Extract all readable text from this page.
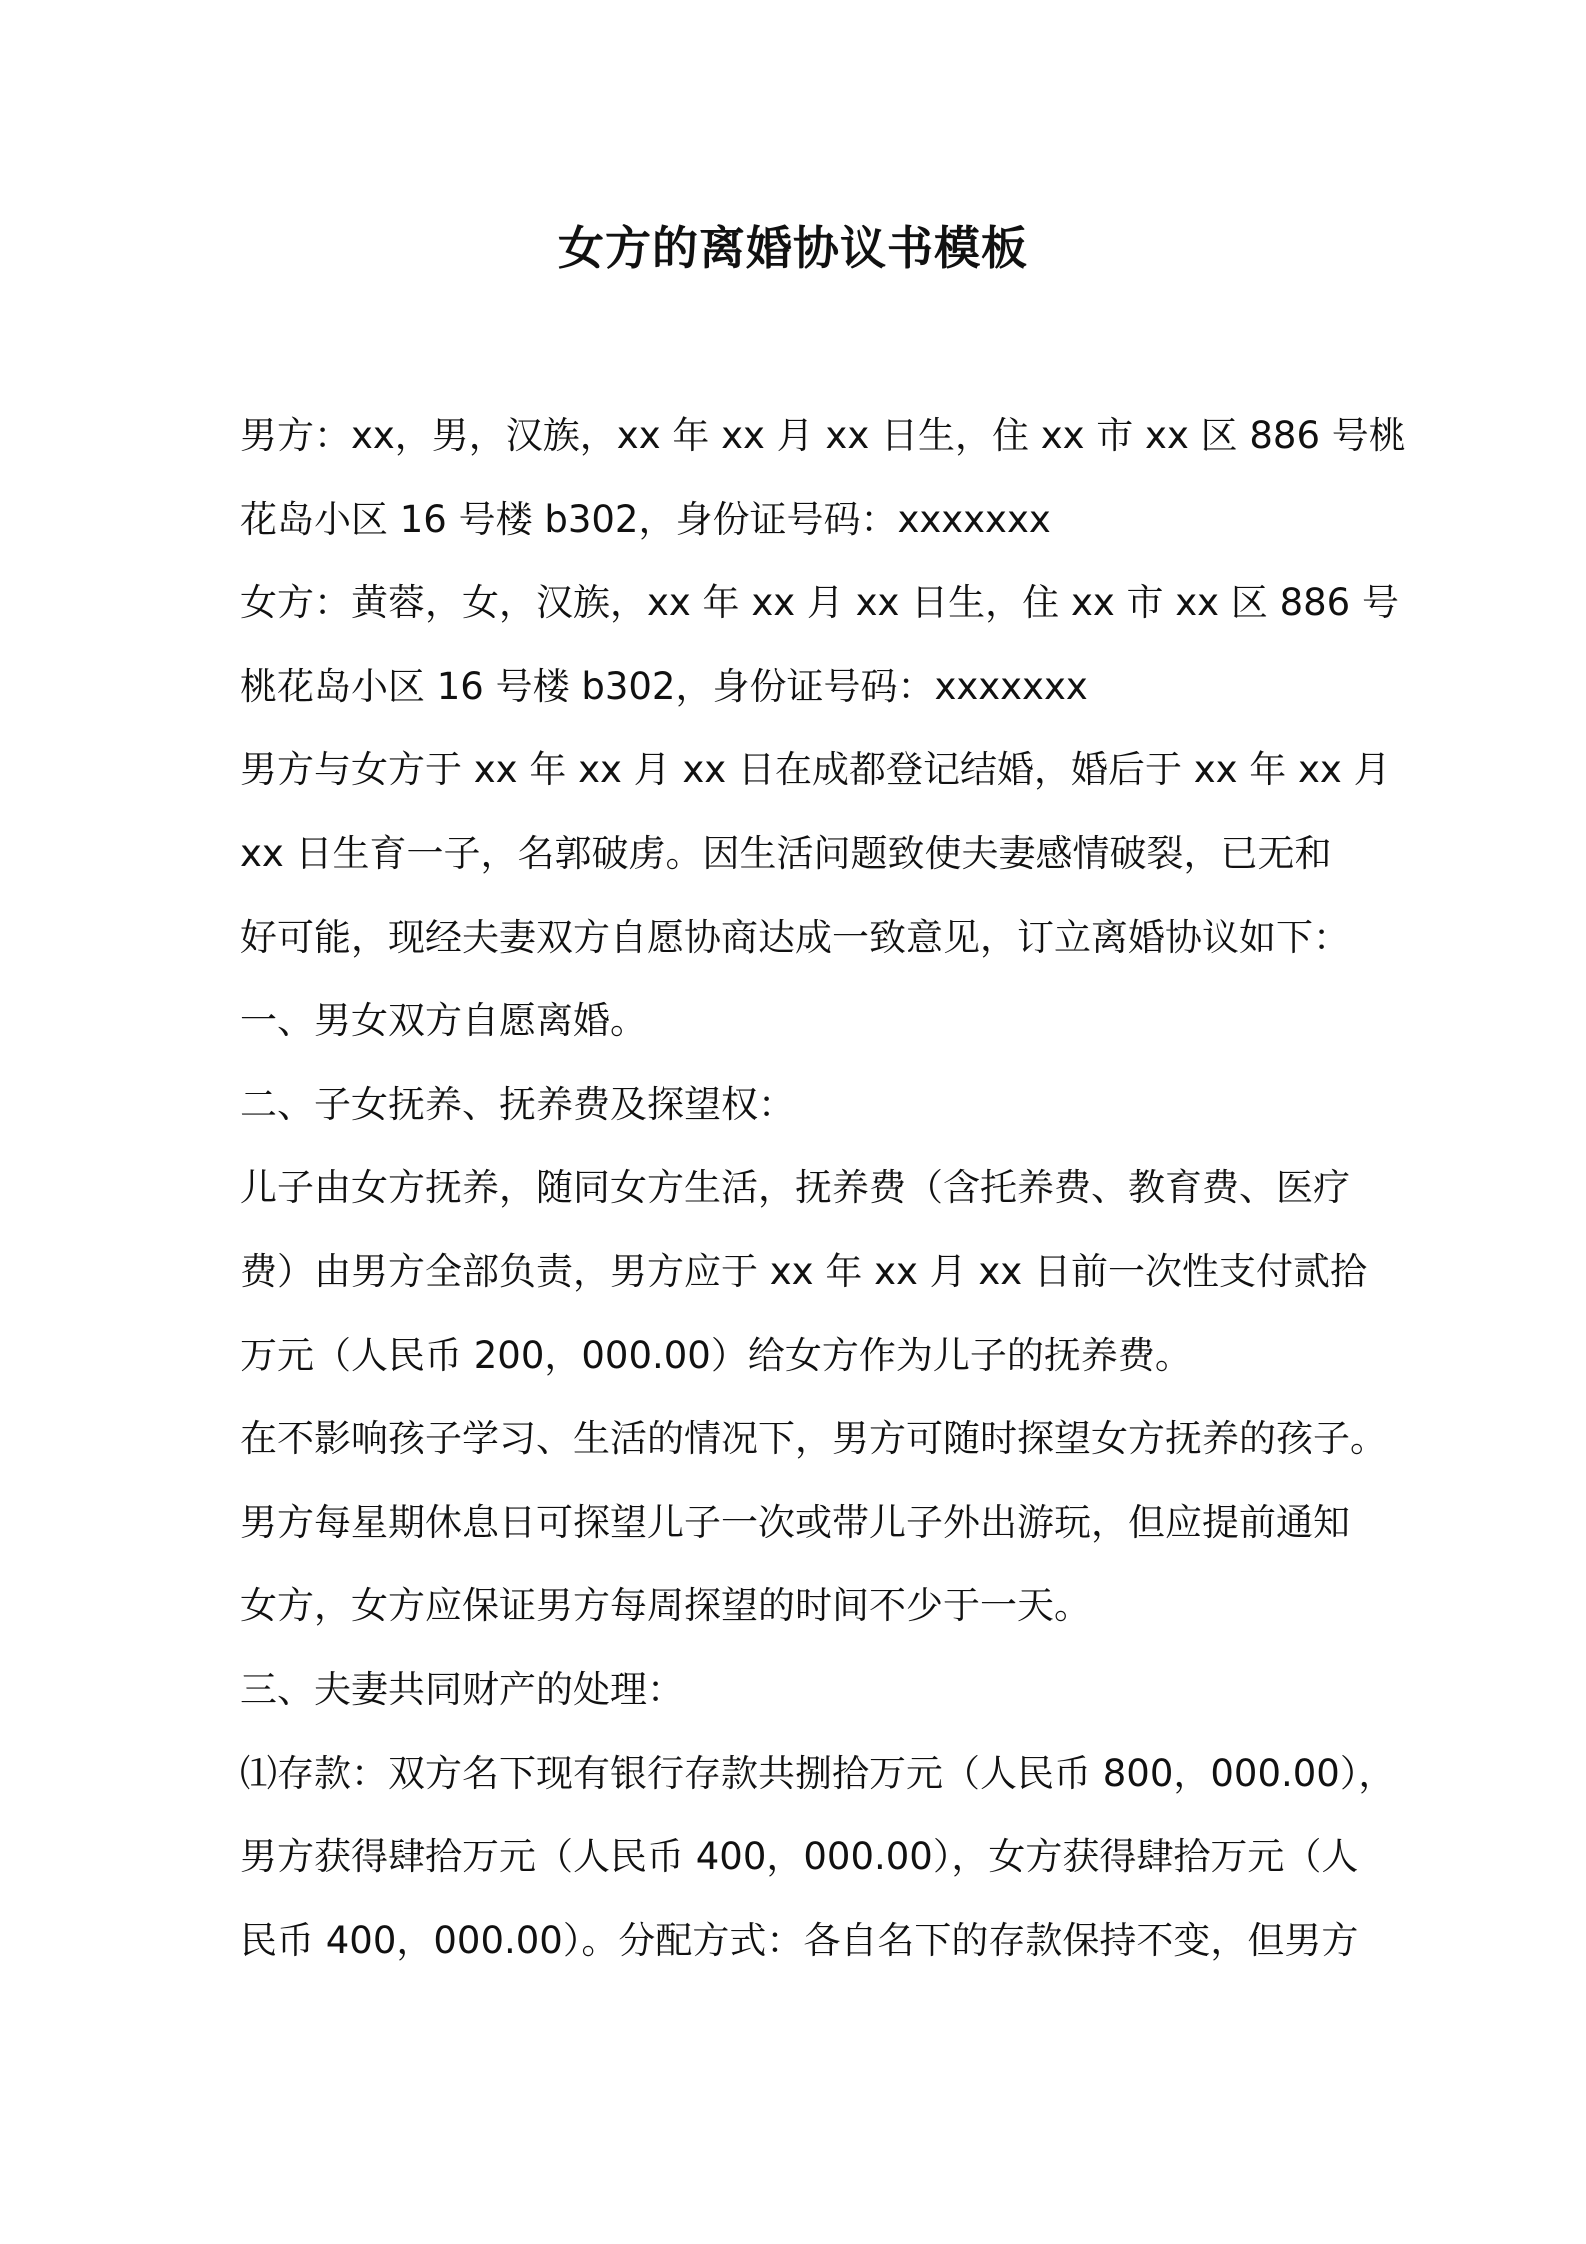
女方的离婚协议书模板
男方：xx，男，汉族，xx 年 xx 月 xx 日生，住 xx 市 xx 区 886 号桃
花岛小区 16 号楼 b302，身份证号码：xxxxxxx
女方：黄蓉，女，汉族，xx 年 xx 月 xx 日生，住 xx 市 xx 区 886 号
桃花岛小区 16 号楼 b302，身份证号码：xxxxxxx
男方与女方于 xx 年 xx 月 xx 日在成都登记结婚，婚后于 xx 年 xx 月
xx 日生育一子，名郭破虏。因生活问题致使夫妻感情破裂，已无和
好可能，现经夫妻双方自愿协商达成一致意见，订立离婚协议如下：
一、男女双方自愿离婚。
二、子女抚养、抚养费及探望权：
儿子由女方抚养，随同女方生活，抚养费（含托养费、教育费、医疗
费）由男方全部负责，男方应于 xx 年 xx 月 xx 日前一次性支付贰拾
万元（人民币 200，000.00）给女方作为儿子的抚养费。
在不影响孩子学习、生活的情况下，男方可随时探望女方抚养的孩子。
男方每星期休息日可探望儿子一次或带儿子外出游玩，但应提前通知
女方，女方应保证男方每周探望的时间不少于一天。
三、夫妻共同财产的处理：
⑴存款：双方名下现有银行存款共捌拾万元（人民币 800，000.00），
男方获得肆拾万元（人民币 400，000.00），女方获得肆拾万元（人
民币 400，000.00）。分配方式：各自名下的存款保持不变，但男方
